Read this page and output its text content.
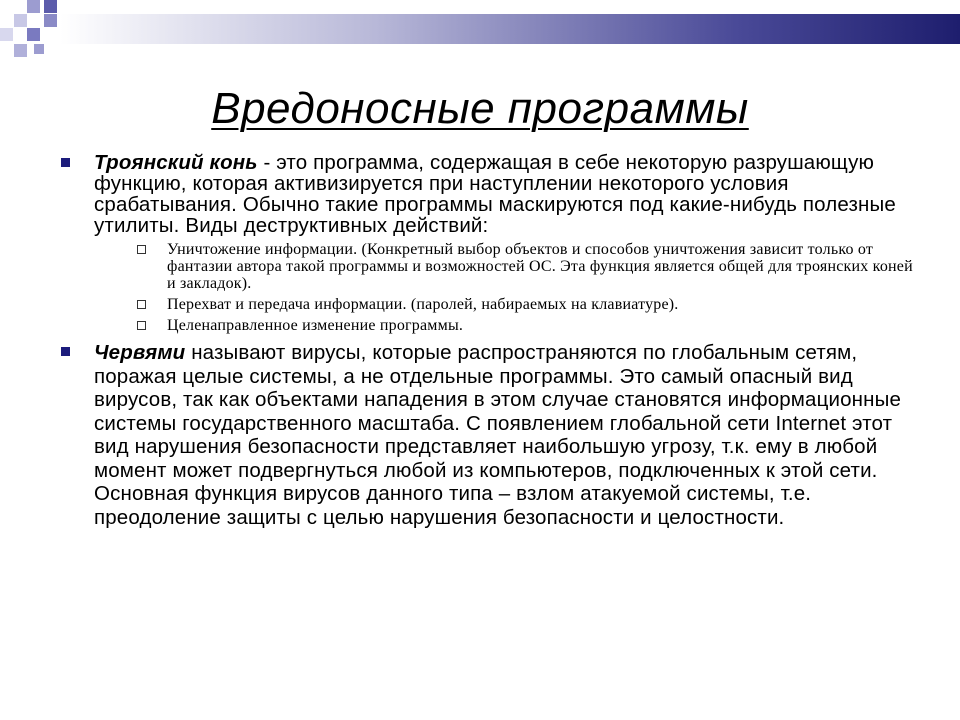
Вредоносные программы
Троянский конь - это программа, содержащая в себе некоторую разрушающую функцию, которая активизируется при наступлении некоторого условия срабатывания. Обычно такие программы маскируются под какие-нибудь полезные утилиты. Виды деструктивных действий:
Уничтожение информации. (Конкретный выбор объектов и способов уничтожения зависит только от фантазии автора такой программы и возможностей ОС. Эта функция является общей для троянских коней и закладок).
Перехват и передача информации. (паролей, набираемых на клавиатуре).
Целенаправленное изменение программы.
Червями называют вирусы, которые распространяются по глобальным сетям, поражая целые системы, а не отдельные программы. Это самый опасный вид вирусов, так как объектами нападения в этом случае становятся информационные системы государственного масштаба. С появлением глобальной сети Internet этот вид нарушения безопасности представляет наибольшую угрозу, т.к. ему в любой момент может подвергнуться любой из компьютеров, подключенных к этой сети. Основная функция вирусов данного типа – взлом атакуемой системы, т.е. преодоление защиты с целью нарушения безопасности и целостности.
